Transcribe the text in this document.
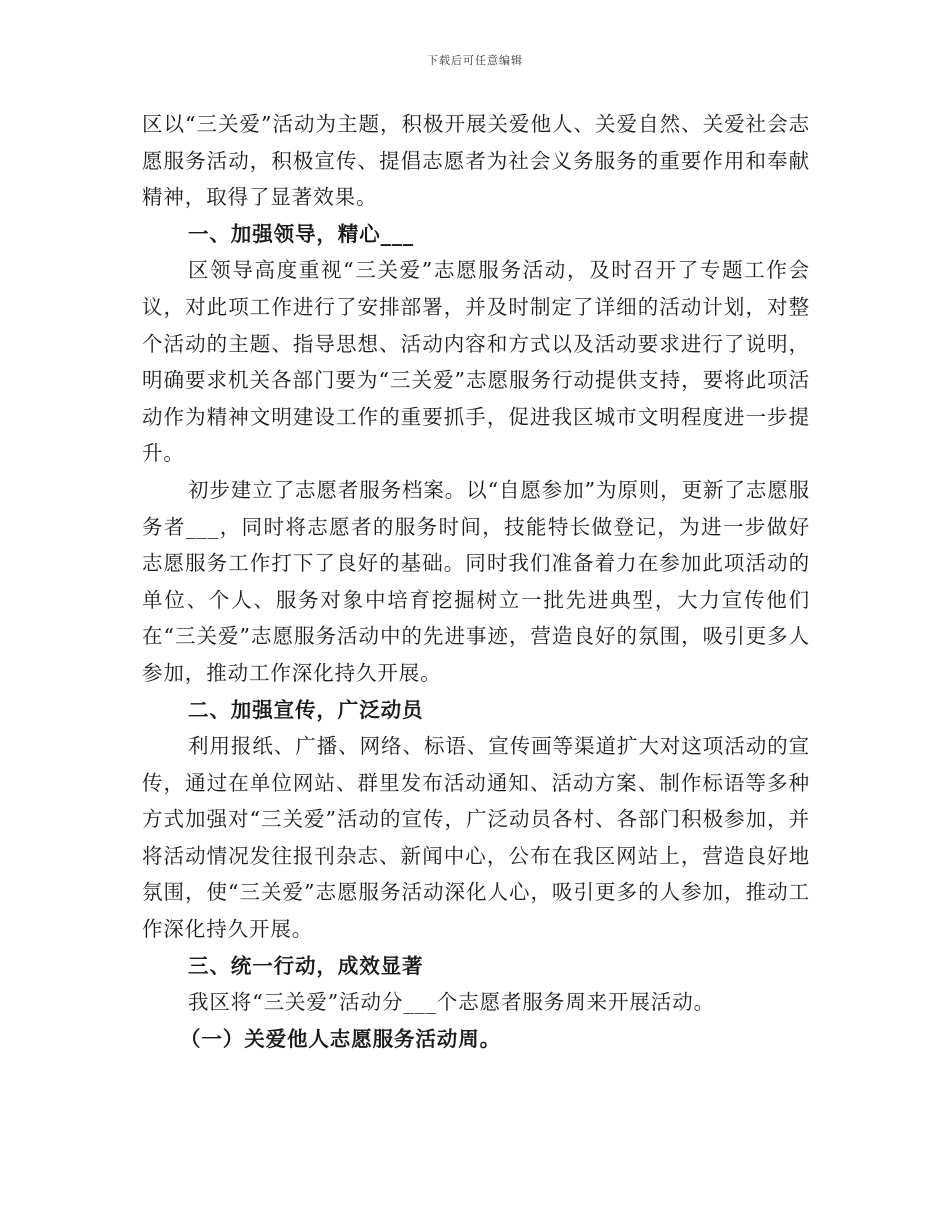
下载后可任意编辑

区以“三关爱”活动为主题，积极开展关爱他人、关爱自然、关爱社会志愿服务活动，积极宣传、提倡志愿者为社会义务服务的重要作用和奉献精神，取得了显著效果。

一、加强领导，精心___

区领导高度重视“三关爱”志愿服务活动，及时召开了专题工作会议，对此项工作进行了安排部署，并及时制定了详细的活动计划，对整个活动的主题、指导思想、活动内容和方式以及活动要求进行了说明，明确要求机关各部门要为“三关爱”志愿服务行动提供支持，要将此项活动作为精神文明建设工作的重要抓手，促进我区城市文明程度进一步提升。

初步建立了志愿者服务档案。以“自愿参加”为原则，更新了志愿服务者___，同时将志愿者的服务时间，技能特长做登记，为进一步做好志愿服务工作打下了良好的基础。同时我们准备着力在参加此项活动的单位、个人、服务对象中培育挖掘树立一批先进典型，大力宣传他们在“三关爱”志愿服务活动中的先进事迹，营造良好的氛围，吸引更多人参加，推动工作深化持久开展。

二、加强宣传，广泛动员

利用报纸、广播、网络、标语、宣传画等渠道扩大对这项活动的宣传，通过在单位网站、群里发布活动通知、活动方案、制作标语等多种方式加强对“三关爱”活动的宣传，广泛动员各村、各部门积极参加，并将活动情况发往报刊杂志、新闻中心，公布在我区网站上，营造良好地氛围，使“三关爱”志愿服务活动深化人心，吸引更多的人参加，推动工作深化持久开展。

三、统一行动，成效显著

我区将“三关爱”活动分___个志愿者服务周来开展活动。

（一）关爱他人志愿服务活动周。
